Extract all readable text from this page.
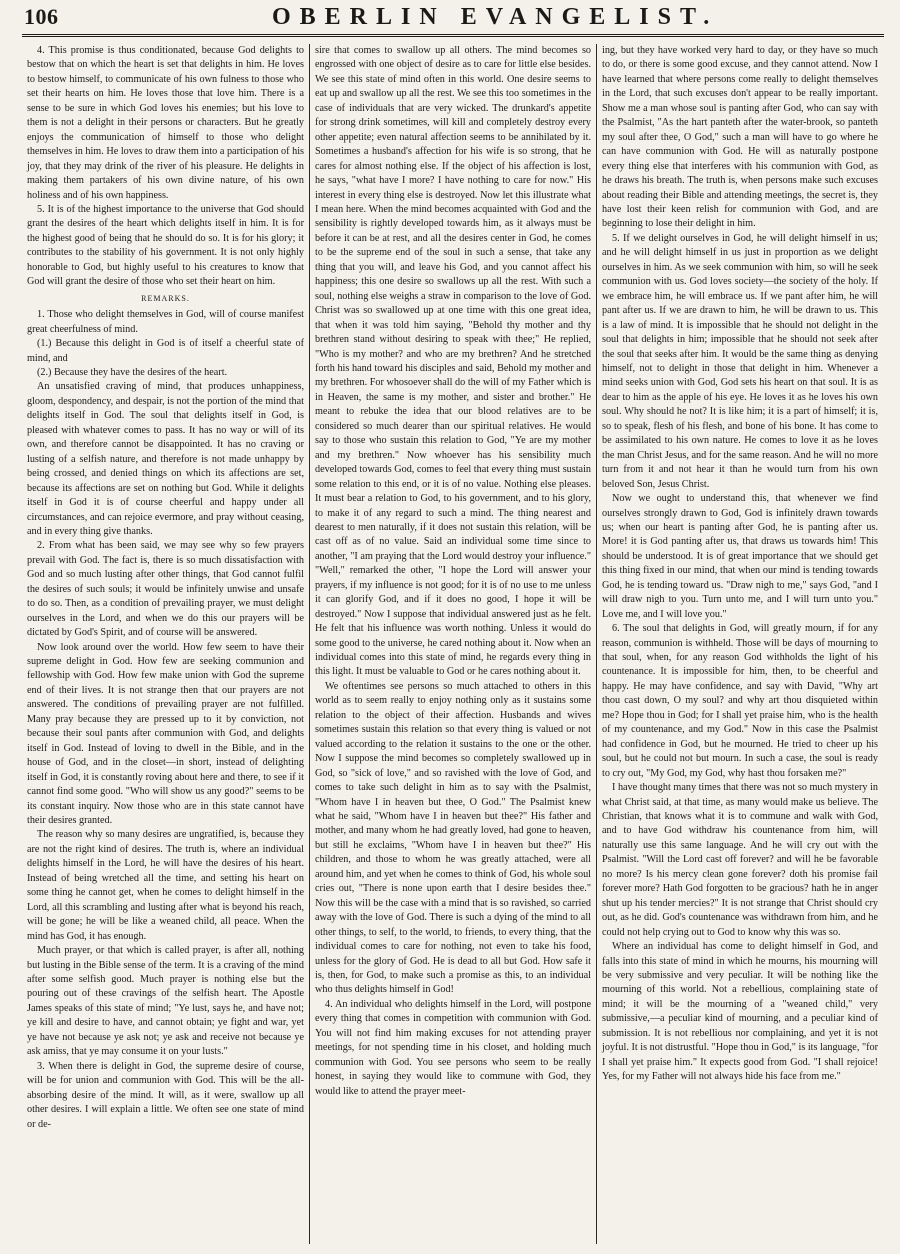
106	OBERLIN EVANGELIST.

4. This promise is thus conditionated, because God delights to bestow that on which the heart is set that delights in him. He loves to bestow himself, to communicate of his own fulness to those who set their hearts on him. He loves those that love him. There is a sense to be sure in which God loves his enemies; but his love to them is not a delight in their persons or characters. But he greatly enjoys the communication of himself to those who delight themselves in him. He loves to draw them into a participation of his joy, that they may drink of the river of his pleasure. He delights in making them partakers of his own divine nature, of his own holiness and of his own happiness.

5. It is of the highest importance to the universe that God should grant the desires of the heart which delights itself in him. It is for the highest good of being that he should do so. It is for his glory; it contributes to the stability of his government. It is not only highly honorable to God, but highly useful to his creatures to know that God will grant the desire of those who set their heart on him.

REMARKS.

1. Those who delight themselves in God, will of course manifest great cheerfulness of mind.

(1.) Because this delight in God is of itself a cheerful state of mind, and

(2.) Because they have the desires of the heart.

An unsatisfied craving of mind, that produces unhappiness, gloom, despondency, and despair, is not the portion of the mind that delights itself in God. The soul that delights itself in God, is pleased with whatever comes to pass. It has no way or will of its own, and therefore cannot be disappointed. It has no craving or lusting of a selfish nature, and therefore is not made unhappy by being crossed, and denied things on which its affections are set, because its affections are set on nothing but God. While it delights itself in God it is of course cheerful and happy under all circumstances, and can rejoice evermore, and pray without ceasing, and in every thing give thanks.

2. From what has been said, we may see why so few prayers prevail with God. The fact is, there is so much dissatisfaction with God and so much lusting after other things, that God cannot fulfil the desires of such souls; it would be infinitely unwise and unsafe to do so. Then, as a condition of prevailing prayer, we must delight ourselves in the Lord, and when we do this our prayers will be dictated by God's Spirit, and of course will be answered.

Now look around over the world. How few seem to have their supreme delight in God. How few are seeking communion and fellowship with God. How few make union with God the supreme end of their lives. It is not strange then that our prayers are not answered. The conditions of prevailing prayer are not fulfilled. Many pray because they are pressed up to it by conviction, not because their soul pants after communion with God, and delights itself in God. Instead of loving to dwell in the Bible, and in the house of God, and in the closet—in short, instead of delighting itself in God, it is constantly roving about here and there, to see if it cannot find some good. "Who will show us any good?" seems to be its constant inquiry. Now those who are in this state cannot have their desires granted.

The reason why so many desires are ungratified, is, because they are not the right kind of desires. The truth is, where an individual delights himself in the Lord, he will have the desires of his heart. Instead of being wretched all the time, and setting his heart on some thing he cannot get, when he comes to delight himself in the Lord, all this scrambling and lusting after what is beyond his reach, will be gone; he will be like a weaned child, all peace. When the mind has God, it has enough.

Much prayer, or that which is called prayer, is after all, nothing but lusting in the Bible sense of the term. It is a craving of the mind after some selfish good. Much prayer is nothing else but the pouring out of these cravings of the selfish heart. The Apostle James speaks of this state of mind; "Ye lust, says he, and have not; ye kill and desire to have, and cannot obtain; ye fight and war, yet ye have not because ye ask not; ye ask and receive not because ye ask amiss, that ye may consume it on your lusts."

3. When there is delight in God, the supreme desire of course, will be for union and communion with God. This will be the all-absorbing desire of the mind. It will, as it were, swallow up all other desires. I will explain a little. We often see one state of mind or de-

sire that comes to swallow up all others. The mind becomes so engrossed with one object of desire as to care for little else besides. We see this state of mind often in this world. One desire seems to eat up and swallow up all the rest. We see this too sometimes in the case of individuals that are very wicked. The drunkard's appetite for strong drink sometimes, will kill and completely destroy every other appetite; even natural affection seems to be annihilated by it. Sometimes a husband's affection for his wife is so strong, that he cares for almost nothing else. If the object of his affection is lost, he says, "what have I more? I have nothing to care for now." His interest in every thing else is destroyed. Now let this illustrate what I mean here. When the mind becomes acquainted with God and the sensibility is rightly developed towards him, as it always must be before it can be at rest, and all the desires center in God, he comes to be the supreme end of the soul in such a sense, that take any thing that you will, and leave his God, and you cannot affect his happiness; this one desire so swallows up all the rest. With such a soul, nothing else weighs a straw in comparison to the love of God. Christ was so swallowed up at one time with this one great idea, that when it was told him saying, "Behold thy mother and thy brethren stand without desiring to speak with thee;" He replied, "Who is my mother? and who are my brethren? And he stretched forth his hand toward his disciples and said, Behold my mother and my brethren. For whosoever shall do the will of my Father which is in Heaven, the same is my mother, and sister and brother." He meant to rebuke the idea that our blood relatives are to be considered so much dearer than our spiritual relatives. He would say to those who sustain this relation to God, "Ye are my mother and my brethren." Now whoever has his sensibility much developed towards God, comes to feel that every thing must sustain some relation to this end, or it is of no value. Nothing else pleases. It must bear a relation to God, to his government, and to his glory, to make it of any regard to such a mind. The thing nearest and dearest to men naturally, if it does not sustain this relation, will be cast off as of no value. Said an individual some time since to another, "I am praying that the Lord would destroy your influence." "Well," remarked the other, "I hope the Lord will answer your prayers, if my influence is not good; for it is of no use to me unless it can glorify God, and if it does no good, I hope it will be destroyed." Now I suppose that individual answered just as he felt. He felt that his influence was worth nothing. Unless it would do some good to the universe, he cared nothing about it. Now when an individual comes into this state of mind, he regards every thing in this light. It must be valuable to God or he cares nothing about it.

We oftentimes see persons so much attached to others in this world as to seem really to enjoy nothing only as it sustains some relation to the object of their affection. Husbands and wives sometimes sustain this relation so that every thing is valued or not valued according to the relation it sustains to the one or the other. Now I suppose the mind becomes so completely swallowed up in God, so "sick of love," and so ravished with the love of God, and comes to take such delight in him as to say with the Psalmist, "Whom have I in heaven but thee, O God." The Psalmist knew what he said, "Whom have I in heaven but thee?" His father and mother, and many whom he had greatly loved, had gone to heaven, but still he exclaims, "Whom have I in heaven but thee?" His children, and those to whom he was greatly attached, were all around him, and yet when he comes to think of God, his whole soul cries out, "There is none upon earth that I desire besides thee." Now this will be the case with a mind that is so ravished, so carried away with the love of God. There is such a dying of the mind to all other things, to self, to the world, to friends, to every thing, that the individual comes to care for nothing, not even to take his food, unless for the glory of God. He is dead to all but God. How safe it is, then, for God, to make such a promise as this, to an individual who thus delights himself in God!

4. An individual who delights himself in the Lord, will postpone every thing that comes in competition with communion with God. You will not find him making excuses for not attending prayer meetings, for not spending time in his closet, and holding much communion with God. You see persons who seem to be really honest, in saying they would like to commune with God, they would like to attend the prayer meet-

ing, but they have worked very hard to day, or they have so much to do, or there is some good excuse, and they cannot attend. Now I have learned that where persons come really to delight themselves in the Lord, that such excuses don't appear to be really important. Show me a man whose soul is panting after God, who can say with the Psalmist, "As the hart panteth after the water-brook, so panteth my soul after thee, O God," such a man will have to go where he can have communion with God. He will as naturally postpone every thing else that interferes with his communion with God, as he draws his breath. The truth is, when persons make such excuses about reading their Bible and attending meetings, the secret is, they have lost their keen relish for communion with God, and are beginning to lose their delight in him.

5. If we delight ourselves in God, he will delight himself in us; and he will delight himself in us just in proportion as we delight ourselves in him. As we seek communion with him, so will he seek communion with us. God loves society—the society of the holy. If we embrace him, he will embrace us. If we pant after him, he will pant after us. If we are drawn to him, he will be drawn to us. This is a law of mind. It is impossible that he should not delight in the soul that delights in him; impossible that he should not seek after the soul that seeks after him. It would be the same thing as denying himself, not to delight in those that delight in him. Whenever a mind seeks union with God, God sets his heart on that soul. It is as dear to him as the apple of his eye. He loves it as he loves his own soul. Why should he not? It is like him; it is a part of himself; it is, so to speak, flesh of his flesh, and bone of his bone. It has come to be assimilated to his own nature. He comes to love it as he loves the man Christ Jesus, and for the same reason. And he will no more turn from it and not hear it than he would turn from his own beloved Son, Jesus Christ.

Now we ought to understand this, that whenever we find ourselves strongly drawn to God, God is infinitely drawn towards us; when our heart is panting after God, he is panting after us. More! it is God panting after us, that draws us towards him! This should be understood. It is of great importance that we should get this thing fixed in our mind, that when our mind is tending towards God, he is tending toward us. "Draw nigh to me," says God, "and I will draw nigh to you. Turn unto me, and I will turn unto you." Love me, and I will love you."

6. The soul that delights in God, will greatly mourn, if for any reason, communion is withheld. Those will be days of mourning to that soul, when, for any reason God withholds the light of his countenance. It is impossible for him, then, to be cheerful and happy. He may have confidence, and say with David, "Why art thou cast down, O my soul? and why art thou disquieted within me? Hope thou in God; for I shall yet praise him, who is the health of my countenance, and my God." Now in this case the Psalmist had confidence in God, but he mourned. He tried to cheer up his soul, but he could not but mourn. In such a case, the soul is ready to cry out, "My God, my God, why hast thou forsaken me?"

I have thought many times that there was not so much mystery in what Christ said, at that time, as many would make us believe. The Christian, that knows what it is to commune and walk with God, and to have God withdraw his countenance from him, will naturally use this same language. And he will cry out with the Psalmist. "Will the Lord cast off forever? and will he be favorable no more? Is his mercy clean gone forever? doth his promise fail forever more? Hath God forgotten to be gracious? hath he in anger shut up his tender mercies?" It is not strange that Christ should cry out, as he did. God's countenance was withdrawn from him, and he could not help crying out to God to know why this was so.

Where an individual has come to delight himself in God, and falls into this state of mind in which he mourns, his mourning will be very submissive and very peculiar. It will be nothing like the mourning of this world. Not a rebellious, complaining state of mind; it will be the mourning of a "weaned child," very submissive,—a peculiar kind of mourning, and a peculiar kind of submission. It is not rebellious nor complaining, and yet it is not joyful. It is not distrustful. "Hope thou in God," is its language, "for I shall yet praise him." It expects good from God. "I shall rejoice! Yes, for my Father will not always hide his face from me."
